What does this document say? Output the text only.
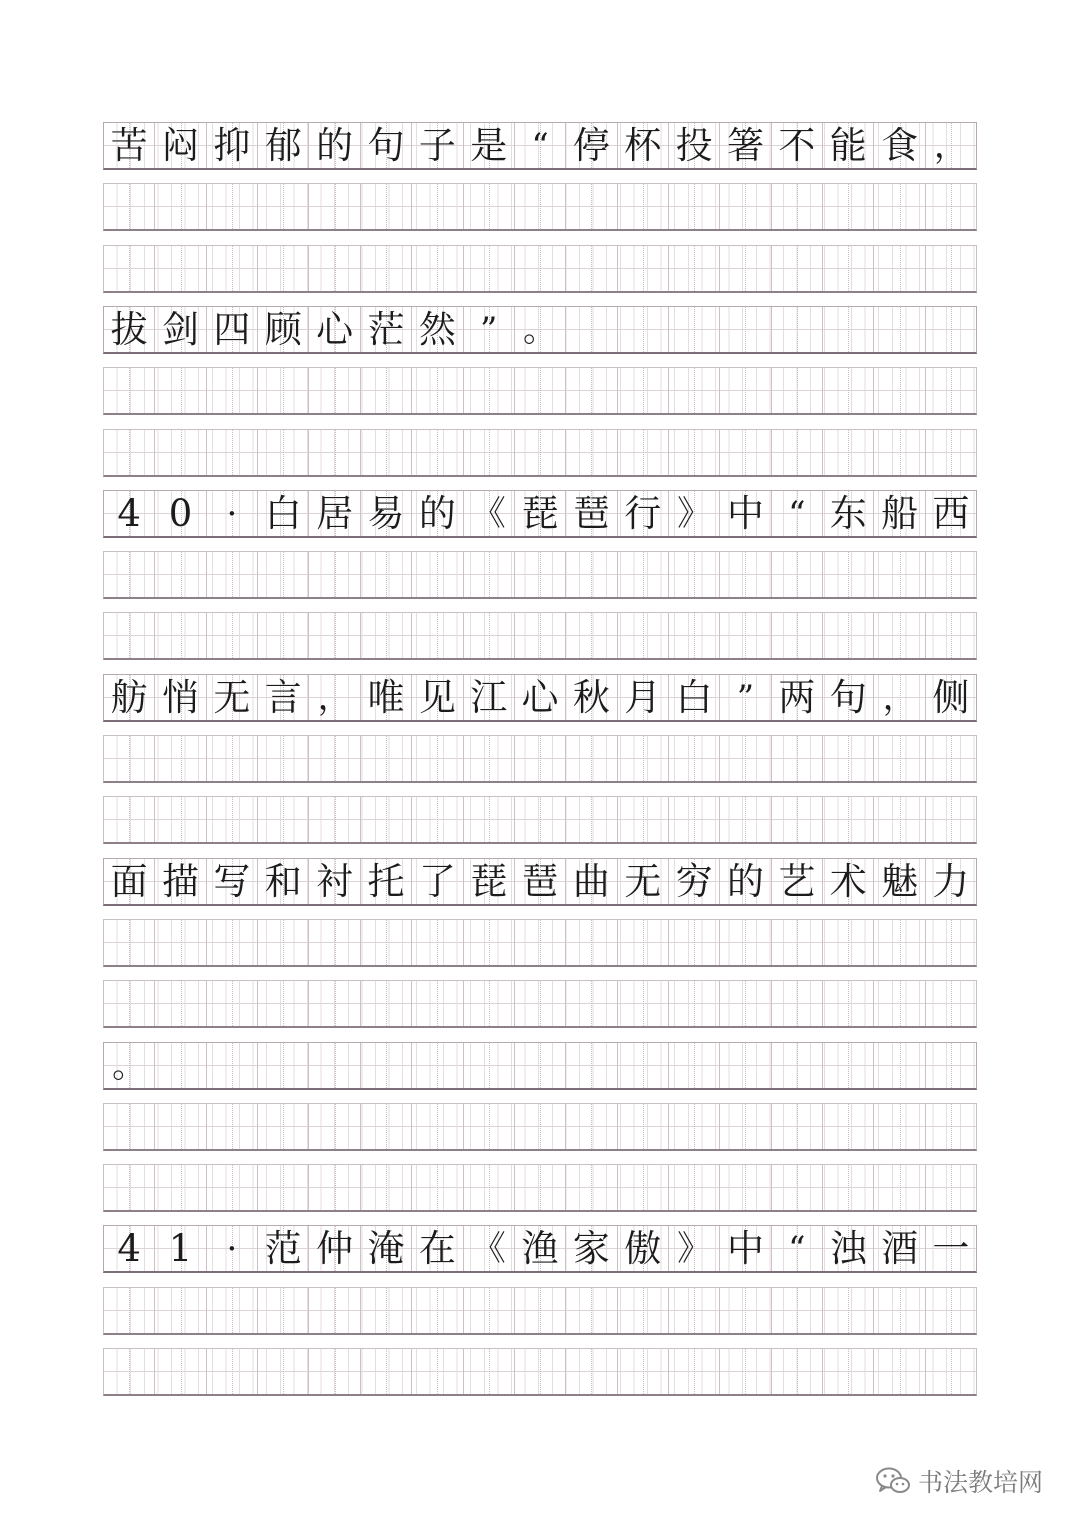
苦 闷 抑 郁 的 句 子 是 “ 停 杯 投 箸 不 能 食 ，
拔 剑 四 顾 心 茫 然 ” 。
4 0 · 白 居 易 的 《 琵 琶 行 》 中 “ 东 船 西
舫 悄 无 言 ， 唯 见 江 心 秋 月 白 ” 两 句 ， 侧
面 描 写 和 衬 托 了 琵 琶 曲 无 穷 的 艺 术 魅 力
。
4 1 · 范 仲 淹 在 《 渔 家 傲 》 中 “ 浊 酒 一
书法教培网
